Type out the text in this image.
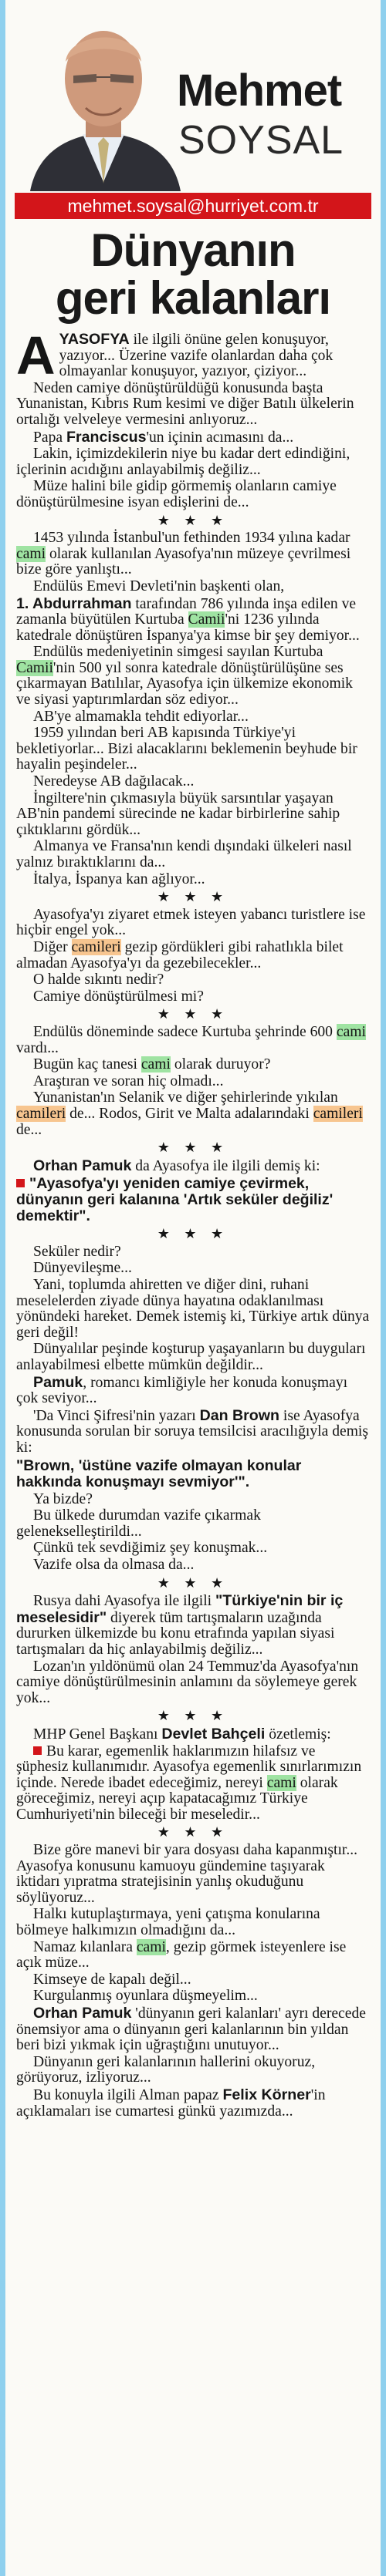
Mehmet
SOYSAL
mehmet.soysal@hurriyet.com.tr
Dünyanın
geri kalanları

AYASOFYA ile ilgili önüne gelen konuşuyor, yazıyor... Üzerine vazife olanlardan daha çok olmayanlar konuşuyor, yazıyor, çiziyor...

Neden camiye dönüştürüldüğü konusunda başta Yunanistan, Kıbrıs Rum kesimi ve diğer Batılı ülkelerin ortalığı velveleye vermesini anlıyoruz...

Papa Franciscus'un içinin acımasını da...

Lakin, içimizdekilerin niye bu kadar dert edindiğini, içlerinin acıdığını anlayabilmiş değiliz...

Müze halini bile gidip görmemiş olanların camiye dönüştürülmesine isyan edişlerini de...

★ ★ ★

1453 yılında İstanbul'un fethinden 1934 yılına kadar cami olarak kullanılan Ayasofya'nın müzeye çevrilmesi bize göre yanlıştı...

Endülüs Emevi Devleti'nin başkenti olan,

1. Abdurrahman tarafından 786 yılında inşa edilen ve zamanla büyütülen Kurtuba Camii'ni 1236 yılında katedrale dönüştüren İspanya'ya kimse bir şey demiyor...

Endülüs medeniyetinin simgesi sayılan Kurtuba Camii'nin 500 yıl sonra katedrale dönüştürülüşüne ses çıkarmayan Batılılar, Ayasofya için ülkemize ekonomik ve siyasi yaptırımlardan söz ediyor...

AB'ye almamakla tehdit ediyorlar...

1959 yılından beri AB kapısında Türkiye'yi bekletiyorlar... Bizi alacaklarını beklemenin beyhude bir hayalin peşindeler...

Neredeyse AB dağılacak...

İngiltere'nin çıkmasıyla büyük sarsıntılar yaşayan AB'nin pandemi sürecinde ne kadar birbirlerine sahip çıktıklarını gördük...

Almanya ve Fransa'nın kendi dışındaki ülkeleri nasıl yalnız bıraktıklarını da...

İtalya, İspanya kan ağlıyor...

★ ★ ★

Ayasofya'yı ziyaret etmek isteyen yabancı turistlere ise hiçbir engel yok...

Diğer camileri gezip gördükleri gibi rahatlıkla bilet almadan Ayasofya'yı da gezebilecekler...

O halde sıkıntı nedir?

Camiye dönüştürülmesi mi?

★ ★ ★

Endülüs döneminde sadece Kurtuba şehrinde 600 cami vardı...

Bugün kaç tanesi cami olarak duruyor?

Araştıran ve soran hiç olmadı...

Yunanistan'ın Selanik ve diğer şehirlerinde yıkılan camileri de... Rodos, Girit ve Malta adalarındaki camileri de...

★ ★ ★

Orhan Pamuk da Ayasofya ile ilgili demiş ki:

"Ayasofya'yı yeniden camiye çevirmek, dünyanın geri kalanına 'Artık seküler değiliz' demektir".

★ ★ ★

Seküler nedir?

Dünyevileşme...

Yani, toplumda ahiretten ve diğer dini, ruhani meselelerden ziyade dünya hayatına odaklanılması yönündeki hareket. Demek istemiş ki, Türkiye artık dünya geri değil!

Dünyalılar peşinde koşturup yaşayanların bu duyguları anlayabilmesi elbette mümkün değildir...

Pamuk, romancı kimliğiyle her konuda konuşmayı çok seviyor...

'Da Vinci Şifresi'nin yazarı Dan Brown ise Ayasofya konusunda sorulan bir soruya temsilcisi aracılığıyla demiş ki:

"Brown, 'üstüne vazife olmayan konular hakkında konuşmayı sevmiyor'".

Ya bizde?

Bu ülkede durumdan vazife çıkarmak gelenekselleştirildi...

Çünkü tek sevdiğimiz şey konuşmak...

Vazife olsa da olmasa da...

★ ★ ★

Rusya dahi Ayasofya ile ilgili "Türkiye'nin bir iç meselesidir" diyerek tüm tartışmaların uzağında dururken ülkemizde bu konu etrafında yapılan siyasi tartışmaları da hiç anlayabilmiş değiliz...

Lozan'ın yıldönümü olan 24 Temmuz'da Ayasofya'nın camiye dönüştürülmesinin anlamını da söylemeye gerek yok...

★ ★ ★

MHP Genel Başkanı Devlet Bahçeli özetlemiş:

Bu karar, egemenlik haklarımızın hilafsız ve şüphesiz kullanımıdır. Ayasofya egemenlik sınırlarımızın içinde. Nerede ibadet edeceğimiz, nereyi cami olarak göreceğimiz, nereyi açıp kapatacağımız Türkiye Cumhuriyeti'nin bileceği bir meseledir...

★ ★ ★

Bize göre manevi bir yara dosyası daha kapanmıştır... Ayasofya konusunu kamuoyu gündemine taşıyarak iktidarı yıpratma stratejisinin yanlış okuduğunu söylüyoruz...

Halkı kutuplaştırmaya, yeni çatışma konularına bölmeye halkımızın olmadığını da...

Namaz kılanlara cami, gezip görmek isteyenlere ise açık müze...

Kimseye de kapalı değil...

Kurgulanmış oyunlara düşmeyelim...

Orhan Pamuk 'dünyanın geri kalanları' ayrı derecede önemsiyor ama o dünyanın geri kalanlarının bin yıldan beri bizi yıkmak için uğraştığını unutuyor...

Dünyanın geri kalanlarının hallerini okuyoruz, görüyoruz, izliyoruz...

Bu konuyla ilgili Alman papaz Felix Körner'in açıklamaları ise cumartesi günkü yazımızda...
